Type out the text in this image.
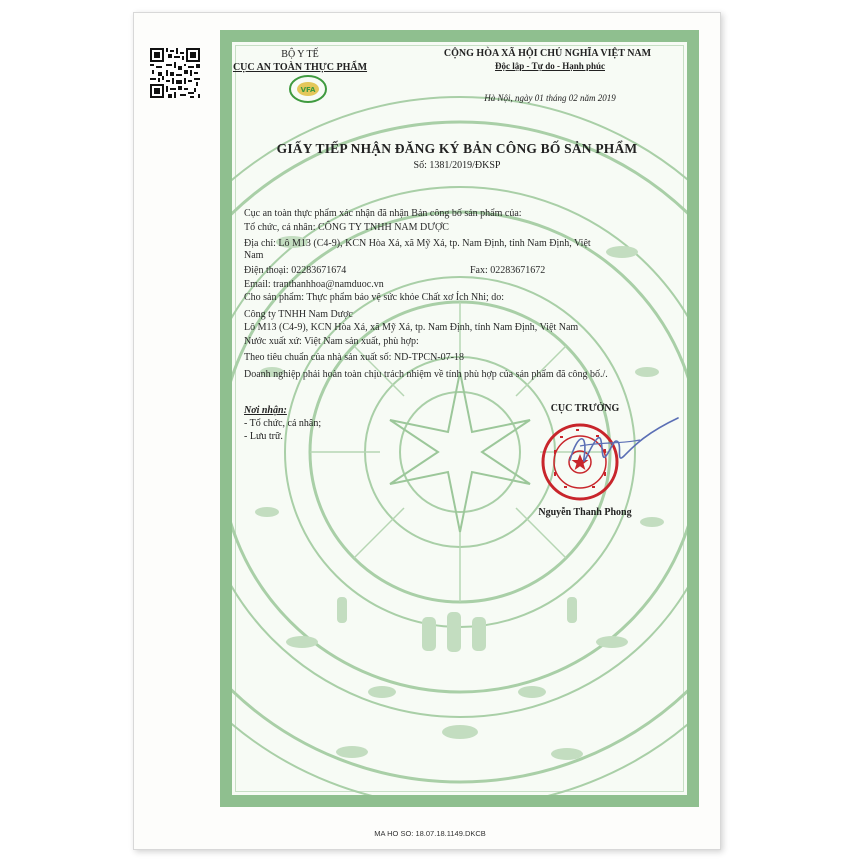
BỘ Y TẾ
CỤC AN TOÀN THỰC PHẨM
VFA
CỘNG HÒA XÃ HỘI CHỦ NGHĨA VIỆT NAM
Độc lập - Tự do - Hạnh phúc
Hà Nội, ngày 01 tháng 02 năm 2019
GIẤY TIẾP NHẬN ĐĂNG KÝ BẢN CÔNG BỐ SẢN PHẨM
Số: 1381/2019/ĐKSP
Cục an toàn thực phẩm xác nhận đã nhận Bản công bố sản phẩm của:
Tổ chức, cá nhân: CÔNG TY TNHH NAM DƯỢC
Địa chỉ: Lô M13 (C4-9), KCN Hòa Xá, xã Mỹ Xá, tp. Nam Định, tỉnh Nam Định, Việt
Nam
Điện thoại: 02283671674	Fax: 02283671672
Email: tranthanhhoa@namduoc.vn
Cho sản phẩm: Thực phẩm bảo vệ sức khỏe Chất xơ Ích Nhi; do:
Công ty TNHH Nam Dược
Lô M13 (C4-9), KCN Hòa Xá, xã Mỹ Xá, tp. Nam Định, tỉnh Nam Định, Việt Nam
Nước xuất xứ: Việt Nam sản xuất, phù hợp:
Theo tiêu chuẩn của nhà sản xuất số: ND-TPCN-07-18
Doanh nghiệp phải hoàn toàn chịu trách nhiệm về tính phù hợp của sản phẩm đã công bố./.
Nơi nhận:
- Tổ chức, cá nhân;
- Lưu trữ.
CỤC TRƯỞNG
Nguyễn Thanh Phong
MA HO SO: 18.07.18.1149.DKCB
